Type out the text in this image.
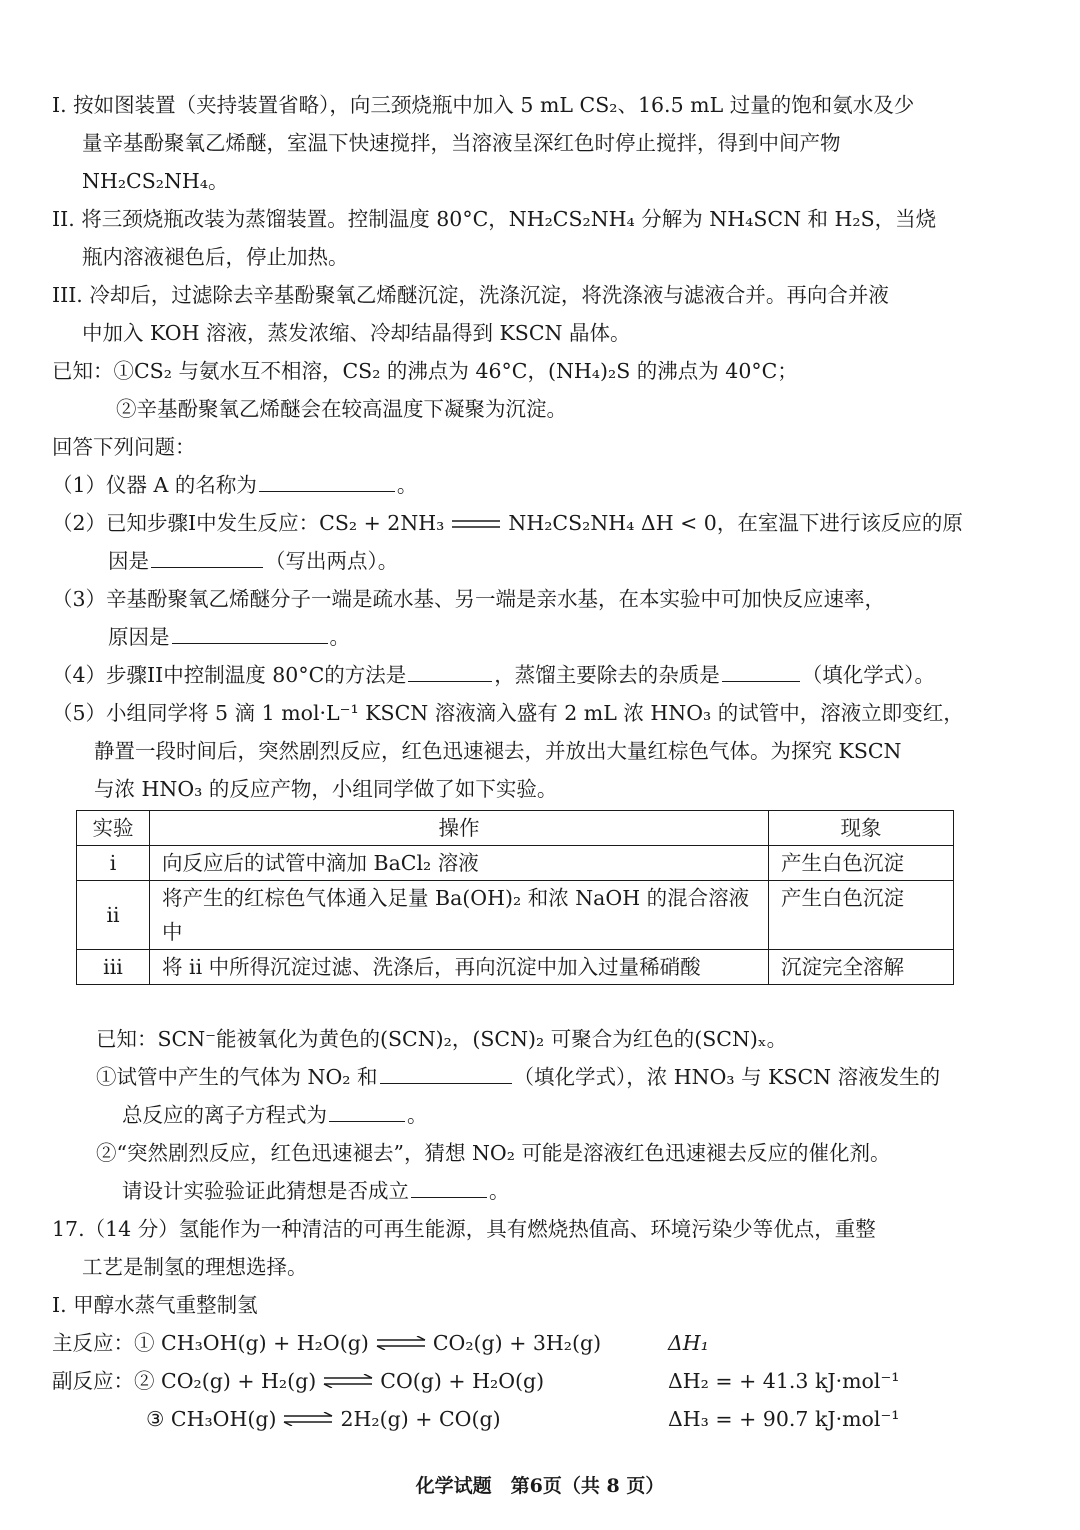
I. 按如图装置（夹持装置省略），向三颈烧瓶中加入 5 mL CS₂、16.5 mL 过量的饱和氨水及少
量辛基酚聚氧乙烯醚，室温下快速搅拌，当溶液呈深红色时停止搅拌，得到中间产物
NH₂CS₂NH₄。
II. 将三颈烧瓶改装为蒸馏装置。控制温度 80°C，NH₂CS₂NH₄ 分解为 NH₄SCN 和 H₂S，当烧
瓶内溶液褪色后，停止加热。
III. 冷却后，过滤除去辛基酚聚氧乙烯醚沉淀，洗涤沉淀，将洗涤液与滤液合并。再向合并液
中加入 KOH 溶液，蒸发浓缩、冷却结晶得到 KSCN 晶体。
已知：①CS₂ 与氨水互不相溶，CS₂ 的沸点为 46°C，(NH₄)₂S 的沸点为 40°C；
②辛基酚聚氧乙烯醚会在较高温度下凝聚为沉淀。
回答下列问题：
（1）仪器 A 的名称为	。
（2）已知步骤I中发生反应：CS₂ + 2NH₃	NH₂CS₂NH₄ ΔH < 0，在室温下进行该反应的原
因是	（写出两点）。
（3）辛基酚聚氧乙烯醚分子一端是疏水基、另一端是亲水基，在本实验中可加快反应速率，
原因是	。
（4）步骤II中控制温度 80°C的方法是	，蒸馏主要除去的杂质是	（填化学式）。
（5）小组同学将 5 滴 1 mol·L⁻¹ KSCN 溶液滴入盛有 2 mL 浓 HNO₃ 的试管中，溶液立即变红，
静置一段时间后，突然剧烈反应，红色迅速褪去，并放出大量红棕色气体。为探究 KSCN
与浓 HNO₃ 的反应产物，小组同学做了如下实验。
实验	操作	现象
i	向反应后的试管中滴加 BaCl₂ 溶液	产生白色沉淀
ii	将产生的红棕色气体通入足量 Ba(OH)₂ 和浓 NaOH 的混合溶液中	产生白色沉淀
iii	将 ii 中所得沉淀过滤、洗涤后，再向沉淀中加入过量稀硝酸	沉淀完全溶解
已知：SCN⁻能被氧化为黄色的(SCN)₂，(SCN)₂ 可聚合为红色的(SCN)ₓ。
①试管中产生的气体为 NO₂ 和	（填化学式），浓 HNO₃ 与 KSCN 溶液发生的
总反应的离子方程式为	。
②“突然剧烈反应，红色迅速褪去”，猜想 NO₂ 可能是溶液红色迅速褪去反应的催化剂。
请设计实验验证此猜想是否成立	。
17.（14 分）氢能作为一种清洁的可再生能源，具有燃烧热值高、环境污染少等优点，重整
工艺是制氢的理想选择。
I. 甲醇水蒸气重整制氢
主反应：① CH₃OH(g) + H₂O(g) ⇌ CO₂(g) + 3H₂(g)	ΔH₁
副反应：② CO₂(g) + H₂(g) ⇌ CO(g) + H₂O(g)	ΔH₂ = + 41.3 kJ·mol⁻¹
③ CH₃OH(g) ⇌ 2H₂(g) + CO(g)	ΔH₃ = + 90.7 kJ·mol⁻¹
化学试题　第6页（共 8 页）
